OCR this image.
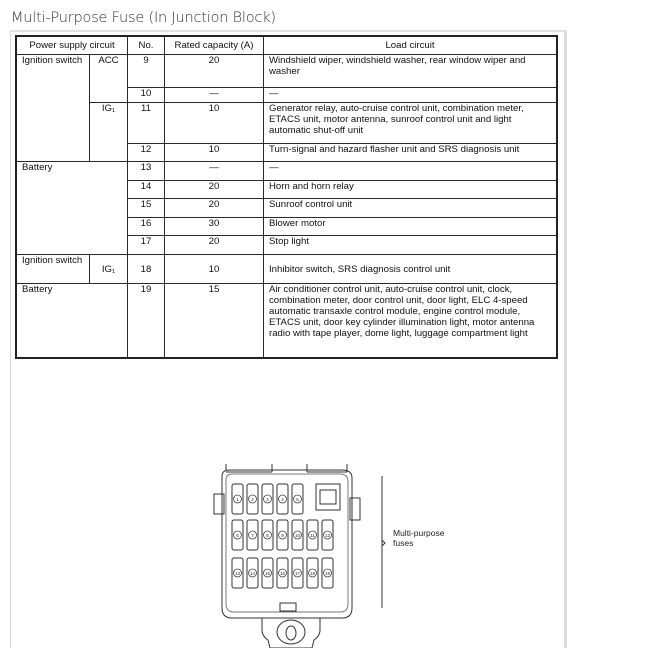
Multi-Purpose Fuse (In Junction Block)
Power supply circuit		No.	Rated capacity (A)	Load circuit
Ignition switch	ACC	9	20	Windshield wiper, windshield washer, rear window wiper and washer
		10	—	—
	IG₁	11	10	Generator relay, auto-cruise control unit, combination meter, ETACS unit, motor antenna, sunroof control unit and light automatic shut-off unit
		12	10	Turn-signal and hazard flasher unit and SRS diagnosis unit
Battery		13	—	—
		14	20	Horn and horn relay
		15	20	Sunroof control unit
		16	30	Blower motor
		17	20	Stop light
Ignition switch	IG₁	18	10	Inhibitor switch, SRS diagnosis control unit
Battery		19	15	Air conditioner control unit, auto-cruise control unit, clock, combination meter, door control unit, door light, ELC 4-speed automatic transaxle control module, engine control module, ETACS unit, door key cylinder illumination light, motor antenna radio with tape player, dome light, luggage compartment light
1	2	3	4	5
6	7	8	9 10 11 12
13 14 15 16 17 18 19
Multi-purpose fuses
